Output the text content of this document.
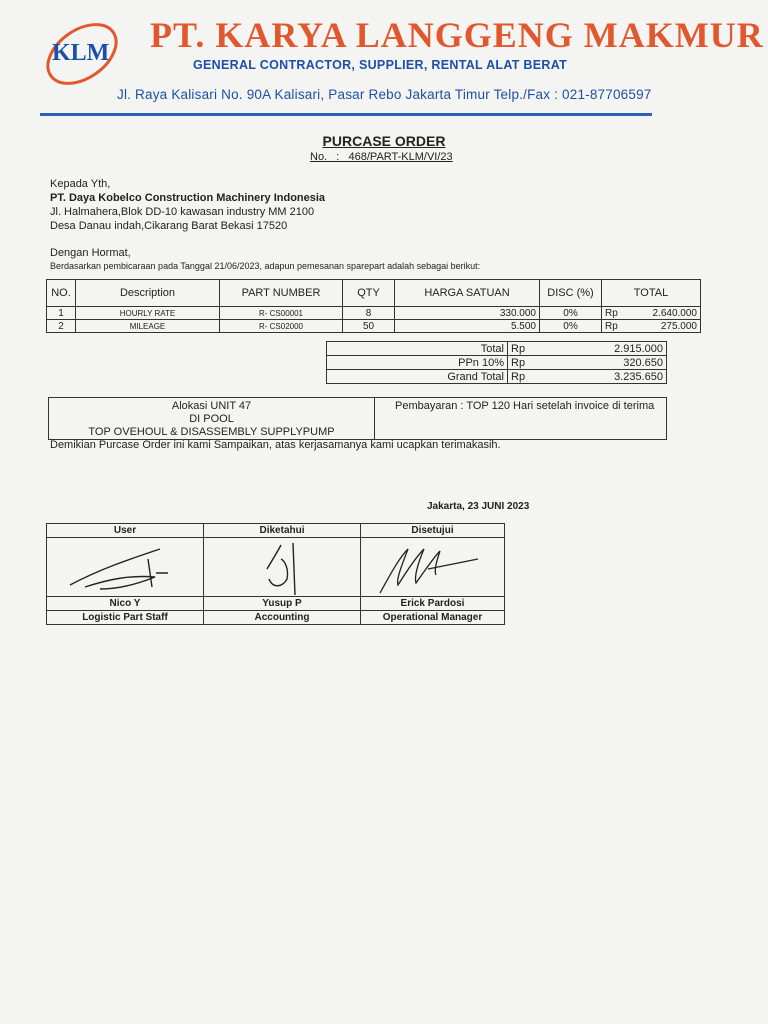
KLM PT. KARYA LANGGENG MAKMUR
GENERAL CONTRACTOR, SUPPLIER, RENTAL ALAT BERAT
Jl. Raya Kalisari No. 90A Kalisari, Pasar Rebo Jakarta Timur Telp./Fax : 021-87706597
PURCASE ORDER
No.   :   468/PART-KLM/VI/23
Kepada Yth,
PT. Daya Kobelco Construction Machinery Indonesia
Jl. Halmahera,Blok DD-10 kawasan industry MM 2100
Desa Danau indah,Cikarang Barat Bekasi 17520
Dengan Hormat,
Berdasarkan pembicaraan pada Tanggal 21/06/2023, adapun pemesanan sparepart adalah sebagai berikut:
NO.	Description	PART NUMBER	QTY	HARGA SATUAN	DISC (%)	TOTAL	
1	HOURLY RATE	R- CS00001	8	330.000	0%	Rp	2.640.000
2	MILEAGE	R- CS02000	50	5.500	0%	Rp	275.000
Total	Rp	2.915.000
PPn 10%	Rp	320.650
Grand Total	Rp	3.235.650
Alokasi UNIT 47
DI POOL
TOP OVEHOUL & DISASSEMBLY SUPPLYPUMP
Pembayaran : TOP 120 Hari setelah invoice di terima
Demikian Purcase Order ini kami Sampaikan, atas kerjasamanya kami ucapkan terimakasih.
Jakarta, 23 JUNI 2023
User	Diketahui	Disetujui

Nico Y	Yusup P	Erick Pardosi
Logistic Part Staff	Accounting	Operational Manager
